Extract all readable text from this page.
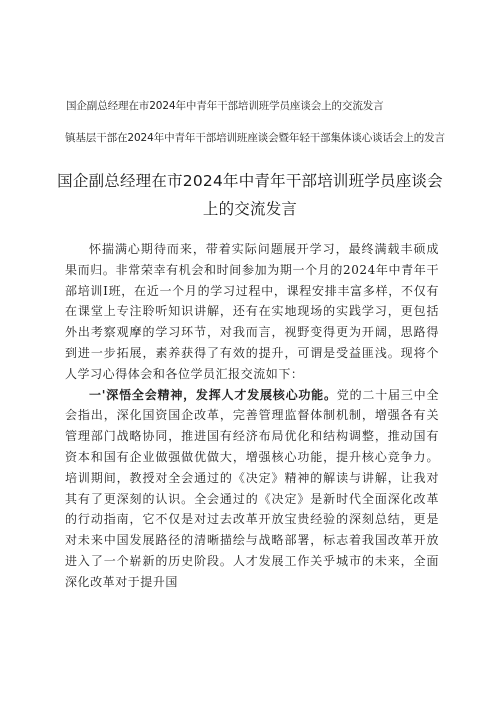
国企副总经理在市2024年中青年干部培训班学员座谈会上的交流发言
镇基层干部在2024年中青年干部培训班座谈会暨年轻干部集体谈心谈话会上的发言
国企副总经理在市2024年中青年干部培训班学员座谈会
上的交流发言

怀揣满心期待而来，带着实际问题展开学习，最终满载丰硕成果而归。非常荣幸有机会和时间参加为期一个月的2024年中青年干部培训I班，在近一个月的学习过程中，课程安排丰富多样，不仅有在课堂上专注聆听知识讲解，还有在实地现场的实践学习，更包括外出考察观摩的学习环节，对我而言，视野变得更为开阔，思路得到进一步拓展，素养获得了有效的提升，可谓是受益匪浅。现将个人学习心得体会和各位学员汇报交流如下：

一'深悟全会精神，发挥人才发展核心功能。党的二十届三中全会指出，深化国资国企改革，完善管理监督体制机制，增强各有关管理部门战略协同，推进国有经济布局优化和结构调整，推动国有资本和国有企业做强做优做大，增强核心功能，提升核心竞争力。培训期间，教授对全会通过的《决定》精神的解读与讲解，让我对其有了更深刻的认识。全会通过的《决定》是新时代全面深化改革的行动指南，它不仅是对过去改革开放宝贵经验的深刻总结，更是对未来中国发展路径的清晰描绘与战略部署，标志着我国改革开放进入了一个崭新的历史阶段。人才发展工作关乎城市的未来，全面深化改革对于提升国
